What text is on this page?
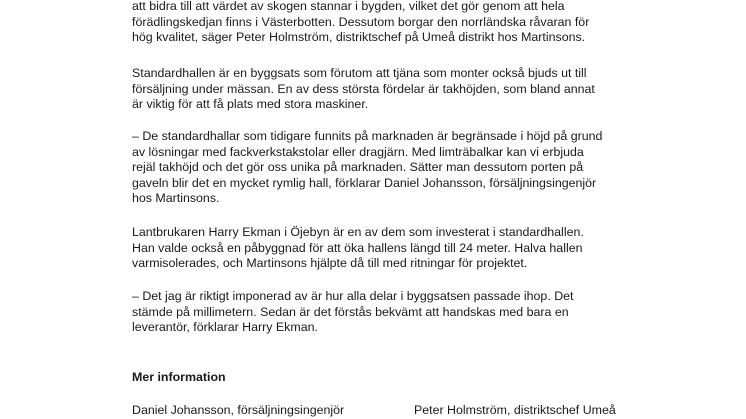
att bidra till att värdet av skogen stannar i bygden, vilket det gör genom att hela
förädlingskedjan finns i Västerbotten. Dessutom borgar den norrländska råvaran för
hög kvalitet, säger Peter Holmström, distriktschef på Umeå distrikt hos Martinsons.
Standardhallen är en byggsats som förutom att tjäna som monter också bjuds ut till
försäljning under mässan. En av dess största fördelar är takhöjden, som bland annat
är viktig för att få plats med stora maskiner.
– De standardhallar som tidigare funnits på marknaden är begränsade i höjd på grund
av lösningar med fackverkstakstolar eller dragjärn. Med limträbalkar kan vi erbjuda
rejäl takhöjd och det gör oss unika på marknaden. Sätter man dessutom porten på
gaveln blir det en mycket rymlig hall, förklarar Daniel Johansson, försäljningsingenjör
hos Martinsons.
Lantbrukaren Harry Ekman i Öjebyn är en av dem som investerat i standardhallen.
Han valde också en påbyggnad för att öka hallens längd till 24 meter. Halva hallen
varmisolerades, och Martinsons hjälpte då till med ritningar för projektet.
– Det jag är riktigt imponerad av är hur alla delar i byggsatsen passade ihop. Det
stämde på millimetern. Sedan är det förstås bekvämt att handskas med bara en
leverantör, förklarar Harry Ekman.
Mer information
Daniel Johansson, försäljningsingenjör	Peter Holmström, distriktschef Umeå
